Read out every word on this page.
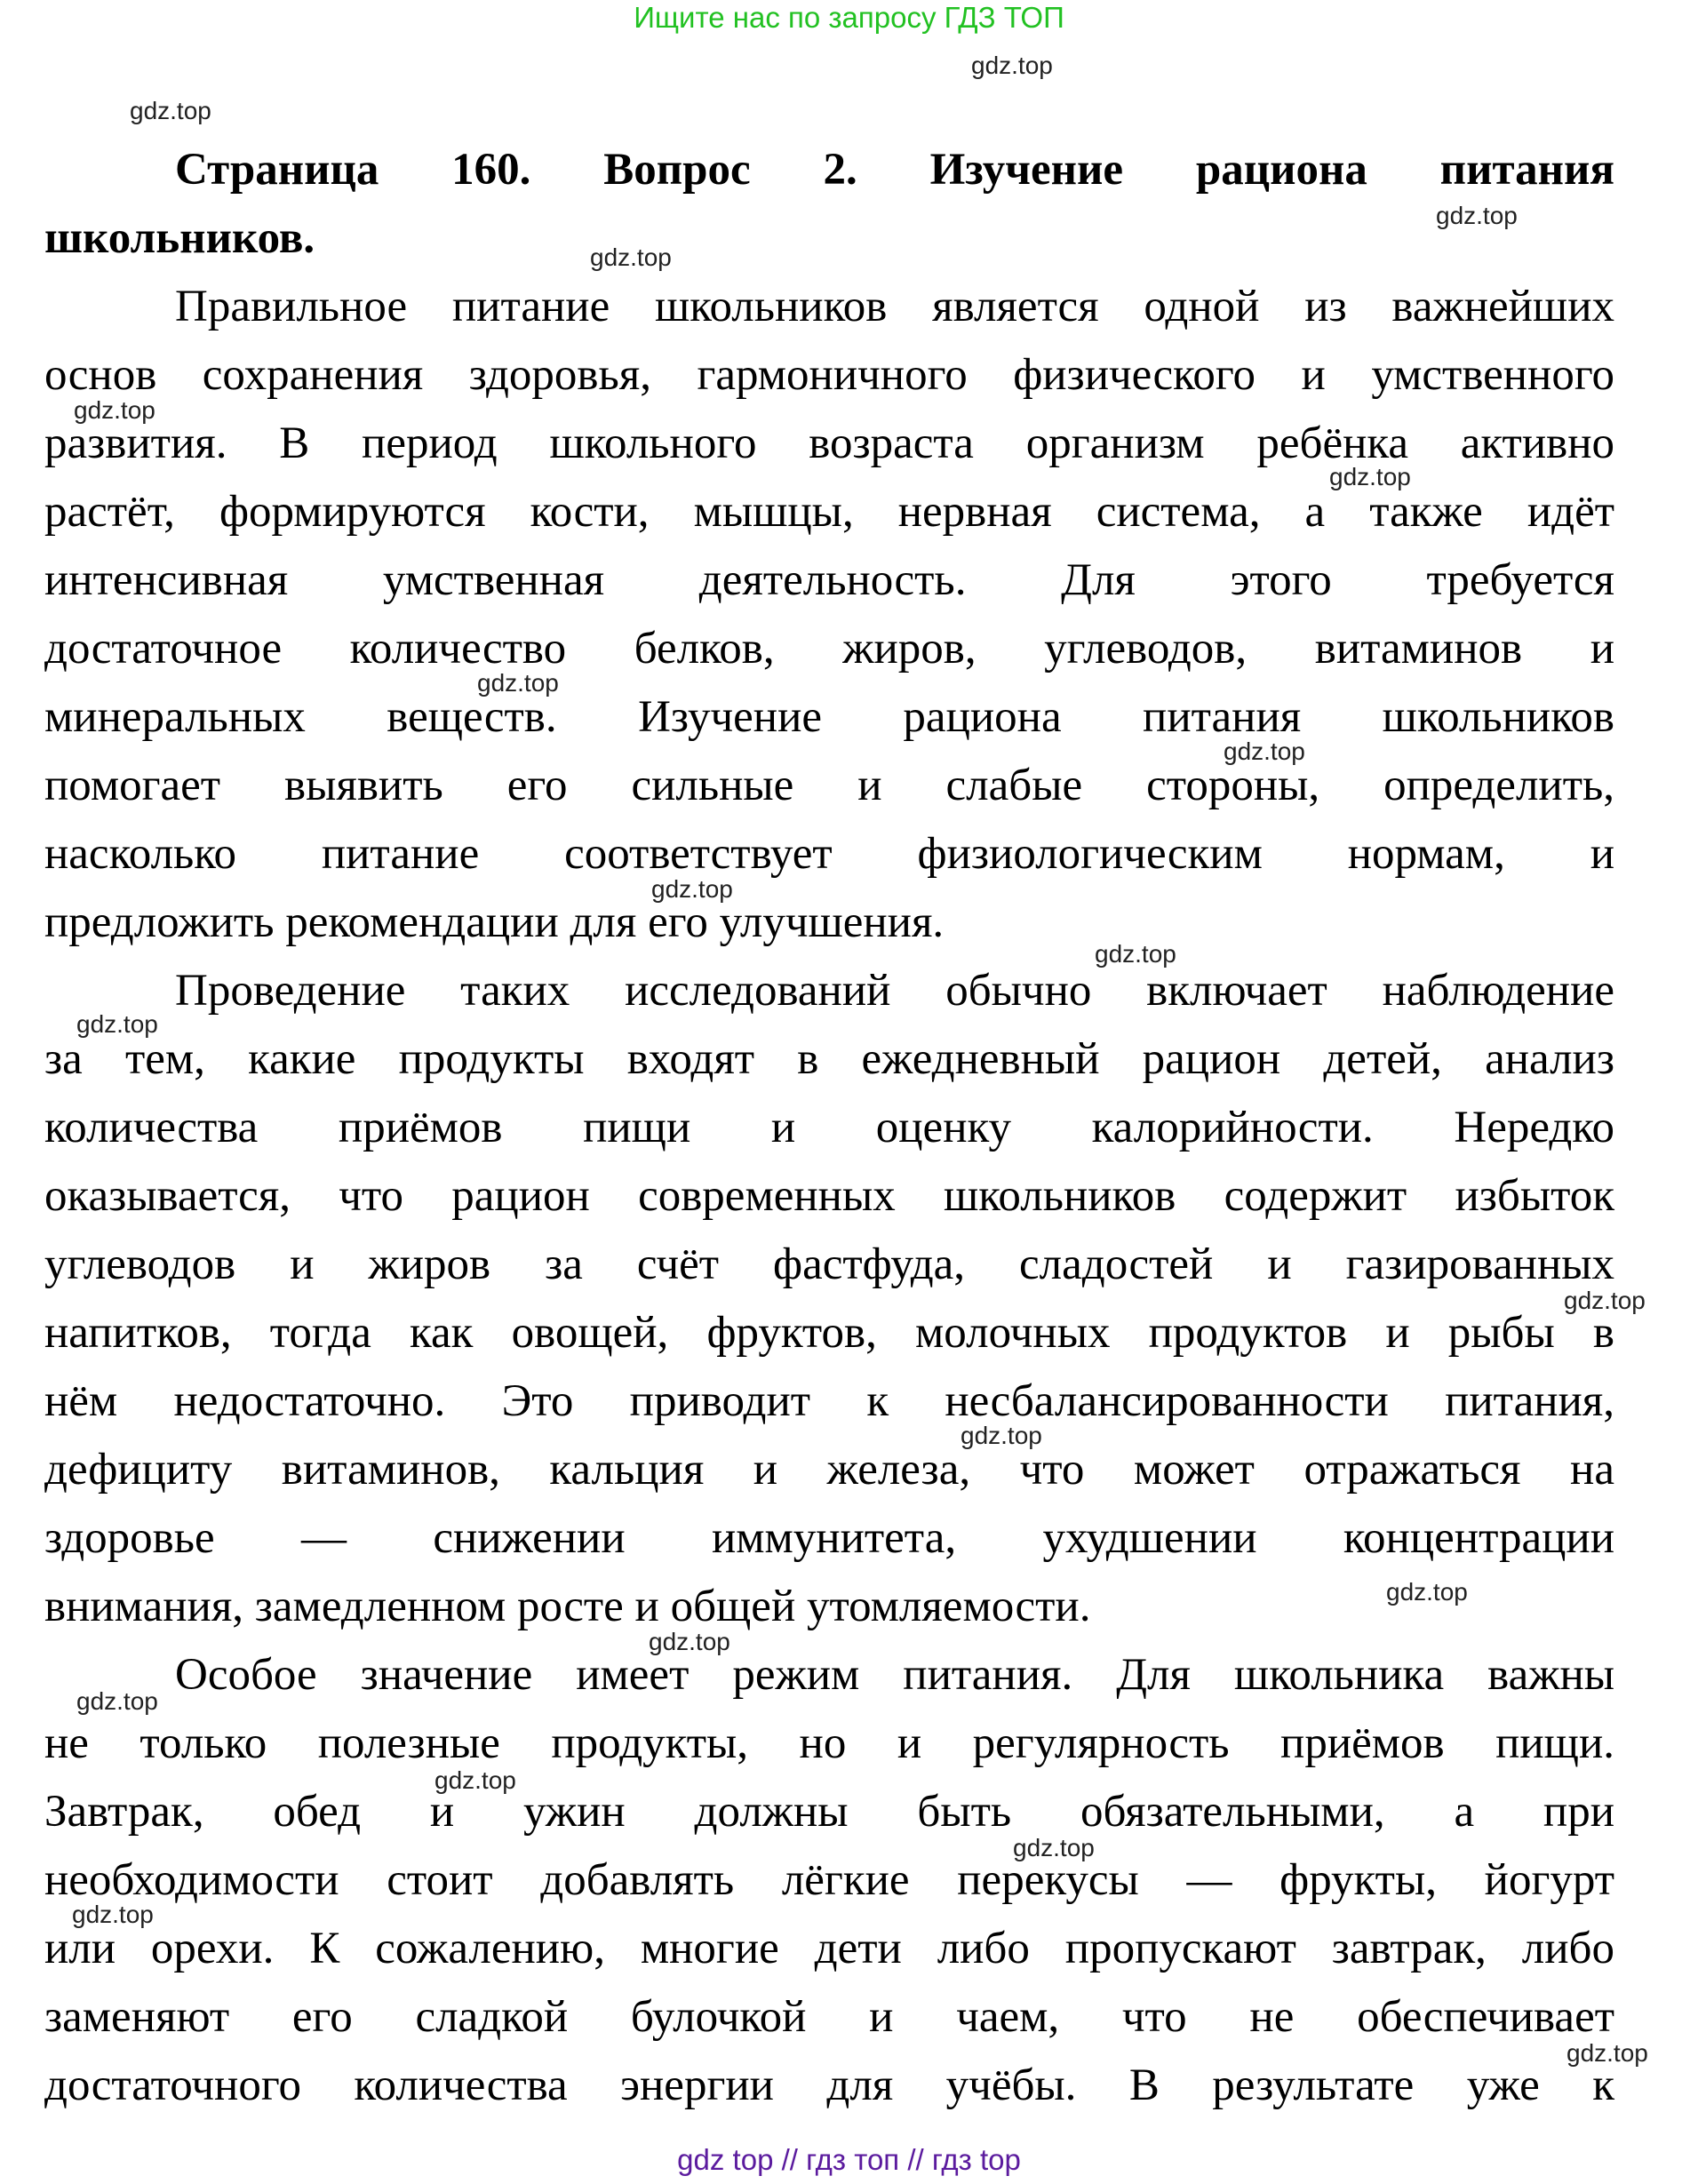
Ищите нас по запросу ГДЗ ТОП
Страница 160. Вопрос 2. Изучение рациона питания
школьников.
Правильное питание школьников является одной из важнейших
основ сохранения здоровья, гармоничного физического и умственного
развития. В период школьного возраста организм ребёнка активно
растёт, формируются кости, мышцы, нервная система, а также идёт
интенсивная умственная деятельность. Для этого требуется
достаточное количество белков, жиров, углеводов, витаминов и
минеральных веществ. Изучение рациона питания школьников
помогает выявить его сильные и слабые стороны, определить,
насколько питание соответствует физиологическим нормам, и
предложить рекомендации для его улучшения.
Проведение таких исследований обычно включает наблюдение
за тем, какие продукты входят в ежедневный рацион детей, анализ
количества приёмов пищи и оценку калорийности. Нередко
оказывается, что рацион современных школьников содержит избыток
углеводов и жиров за счёт фастфуда, сладостей и газированных
напитков, тогда как овощей, фруктов, молочных продуктов и рыбы в
нём недостаточно. Это приводит к несбалансированности питания,
дефициту витаминов, кальция и железа, что может отражаться на
здоровье — снижении иммунитета, ухудшении концентрации
внимания, замедленном росте и общей утомляемости.
Особое значение имеет режим питания. Для школьника важны
не только полезные продукты, но и регулярность приёмов пищи.
Завтрак, обед и ужин должны быть обязательными, а при
необходимости стоит добавлять лёгкие перекусы — фрукты, йогурт
или орехи. К сожалению, многие дети либо пропускают завтрак, либо
заменяют его сладкой булочкой и чаем, что не обеспечивает
достаточного количества энергии для учёбы. В результате уже к
gdz.top
gdz.top
gdz.top
gdz.top
gdz.top
gdz.top
gdz.top
gdz.top
gdz.top
gdz.top
gdz.top
gdz.top
gdz.top
gdz.top
gdz.top
gdz.top
gdz.top
gdz.top
gdz.top
gdz.top
gdz top // гдз топ // гдз top
